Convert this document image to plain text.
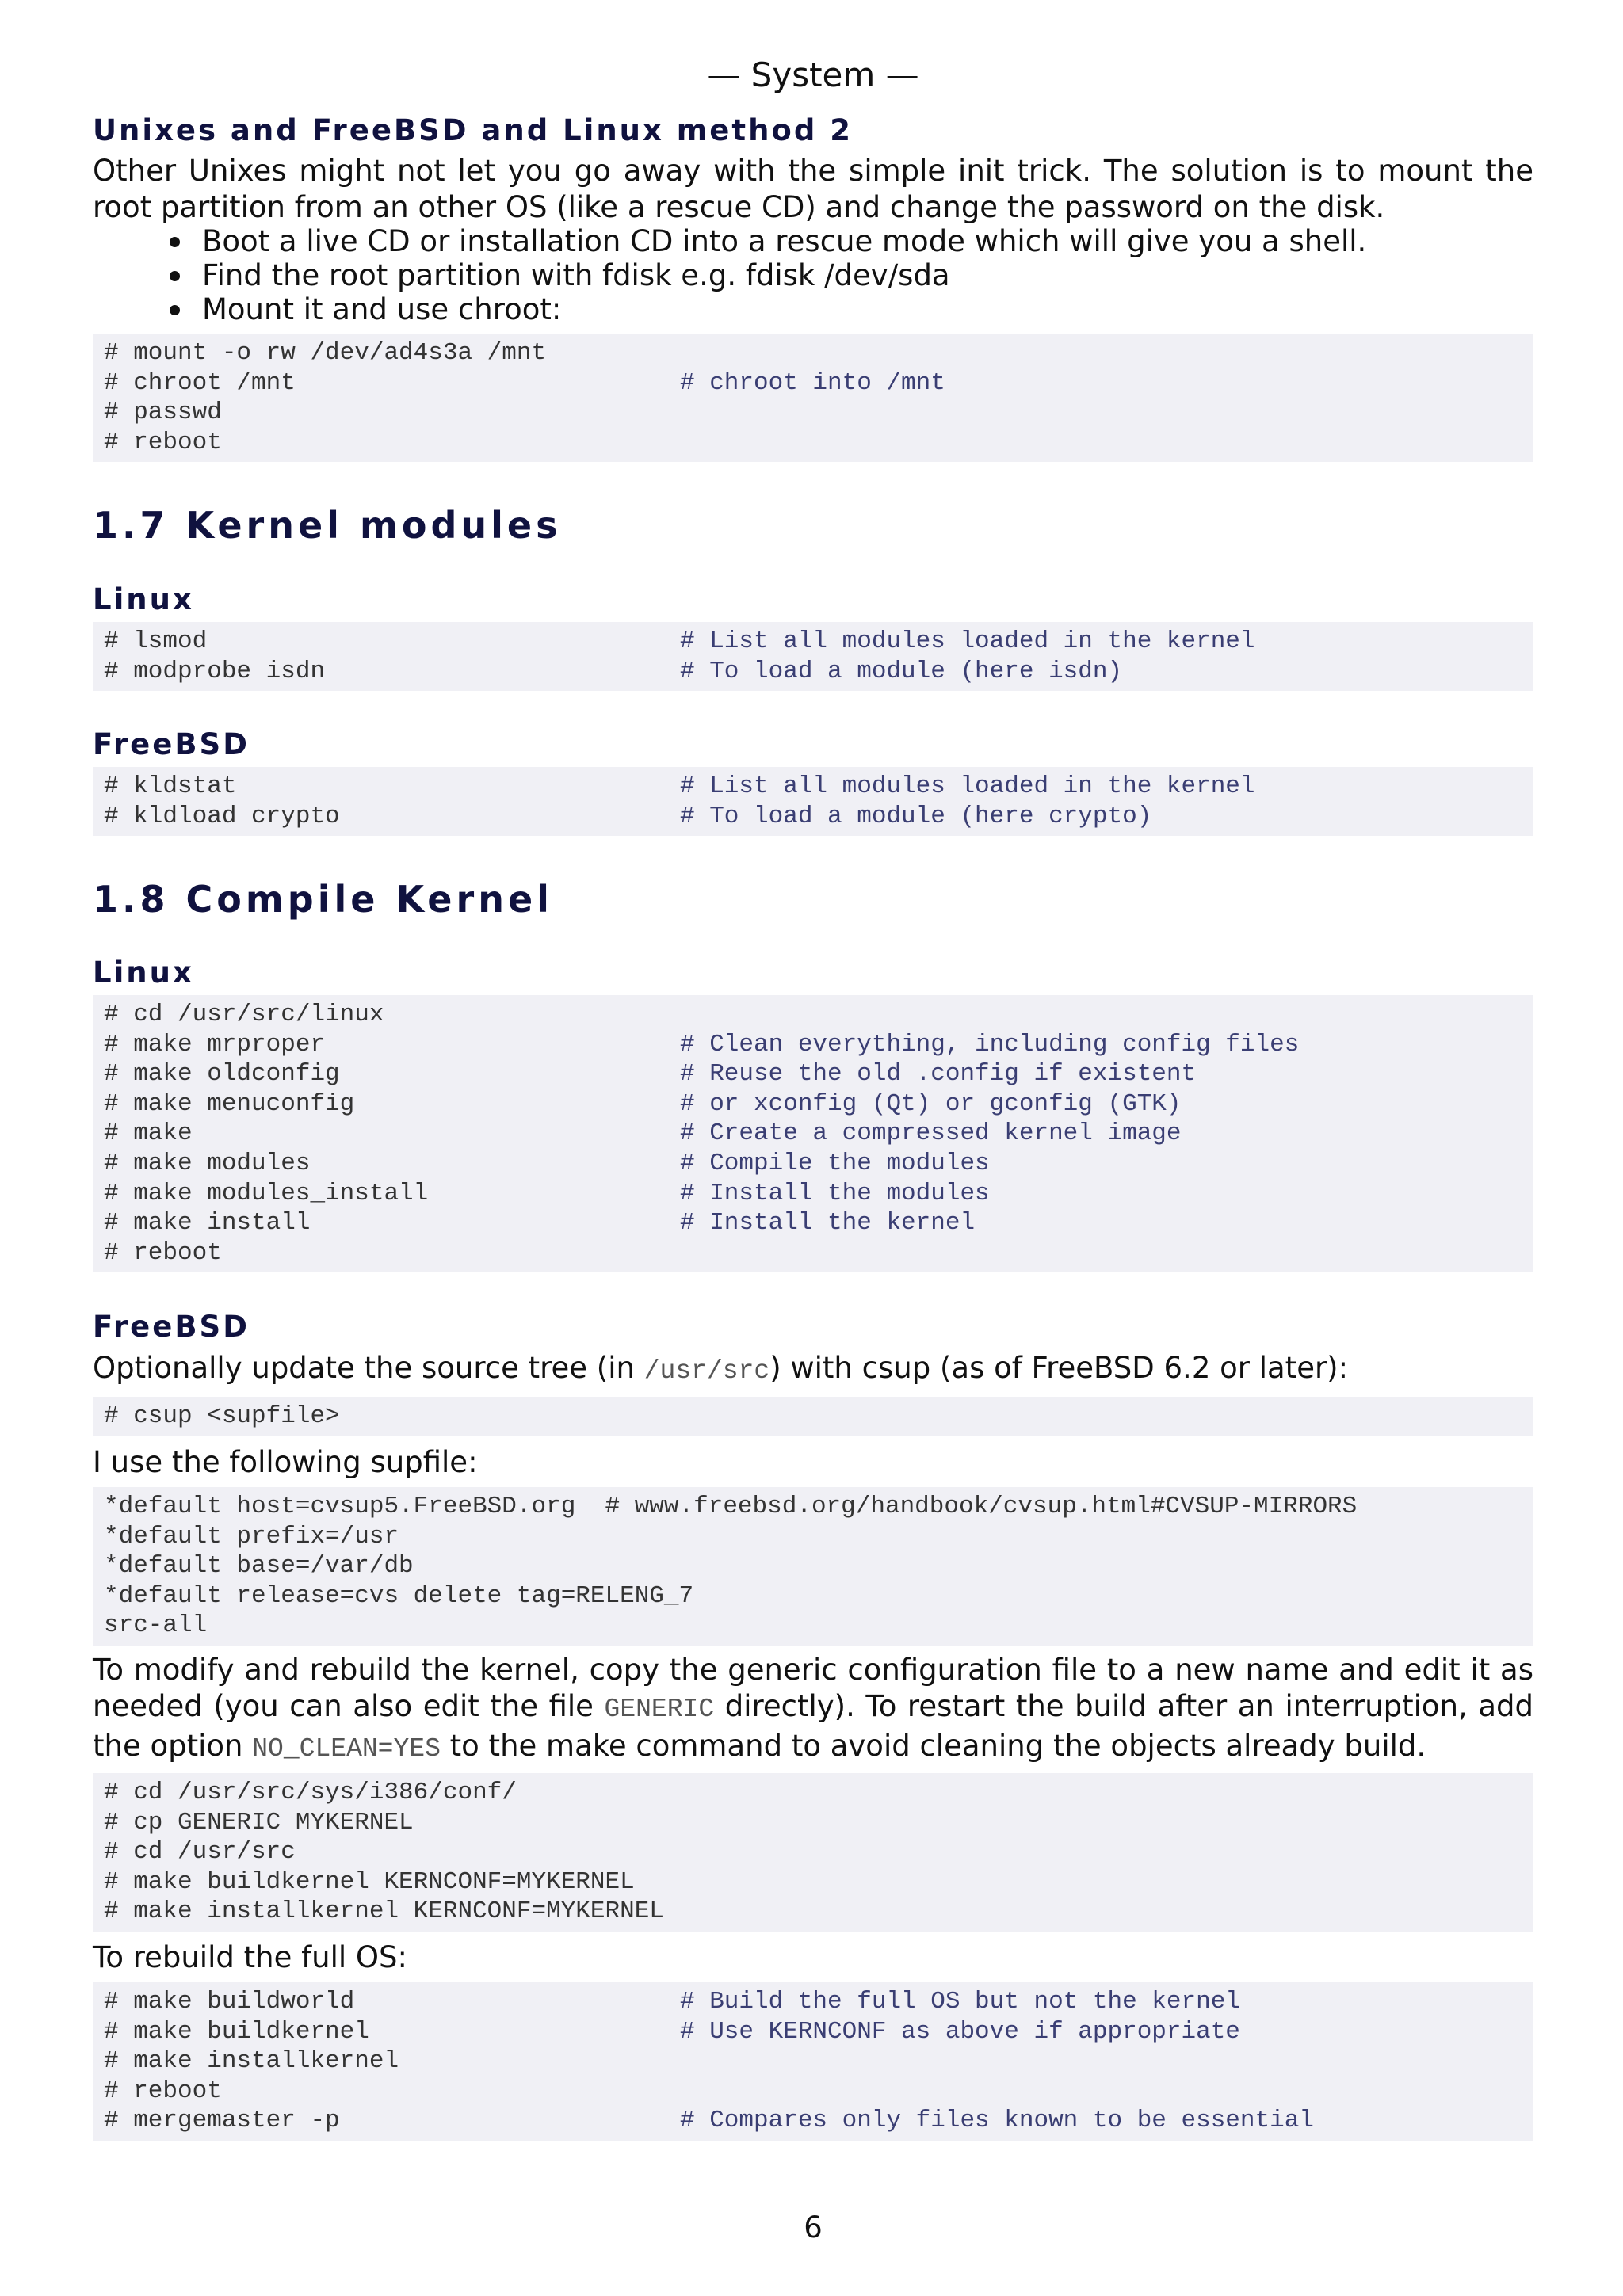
— System —
Unixes and FreeBSD and Linux method 2
Other Unixes might not let you go away with the simple init trick. The solution is to mount the root partition from an other OS (like a rescue CD) and change the password on the disk.
Boot a live CD or installation CD into a rescue mode which will give you a shell.
Find the root partition with fdisk e.g. fdisk /dev/sda
Mount it and use chroot:
# mount -o rw /dev/ad4s3a /mnt
# chroot /mnt	# chroot into /mnt
# passwd
# reboot
1.7 Kernel modules
Linux
# lsmod	# List all modules loaded in the kernel
# modprobe isdn	# To load a module (here isdn)
FreeBSD
# kldstat	# List all modules loaded in the kernel
# kldload crypto	# To load a module (here crypto)
1.8 Compile Kernel
Linux
# cd /usr/src/linux
# make mrproper	# Clean everything, including config files
# make oldconfig	# Reuse the old .config if existent
# make menuconfig	# or xconfig (Qt) or gconfig (GTK)
# make	# Create a compressed kernel image
# make modules	# Compile the modules
# make modules_install	# Install the modules
# make install	# Install the kernel
# reboot
FreeBSD
Optionally update the source tree (in /usr/src) with csup (as of FreeBSD 6.2 or later):
# csup <supfile>
I use the following supfile:
*default host=cvsup5.FreeBSD.org  # www.freebsd.org/handbook/cvsup.html#CVSUP-MIRRORS
*default prefix=/usr
*default base=/var/db
*default release=cvs delete tag=RELENG_7
src-all
To modify and rebuild the kernel, copy the generic configuration file to a new name and edit it as needed (you can also edit the file GENERIC directly). To restart the build after an interruption, add the option NO_CLEAN=YES to the make command to avoid cleaning the objects already build.
# cd /usr/src/sys/i386/conf/
# cp GENERIC MYKERNEL
# cd /usr/src
# make buildkernel KERNCONF=MYKERNEL
# make installkernel KERNCONF=MYKERNEL
To rebuild the full OS:
# make buildworld	# Build the full OS but not the kernel
# make buildkernel	# Use KERNCONF as above if appropriate
# make installkernel
# reboot
# mergemaster -p	# Compares only files known to be essential
6
